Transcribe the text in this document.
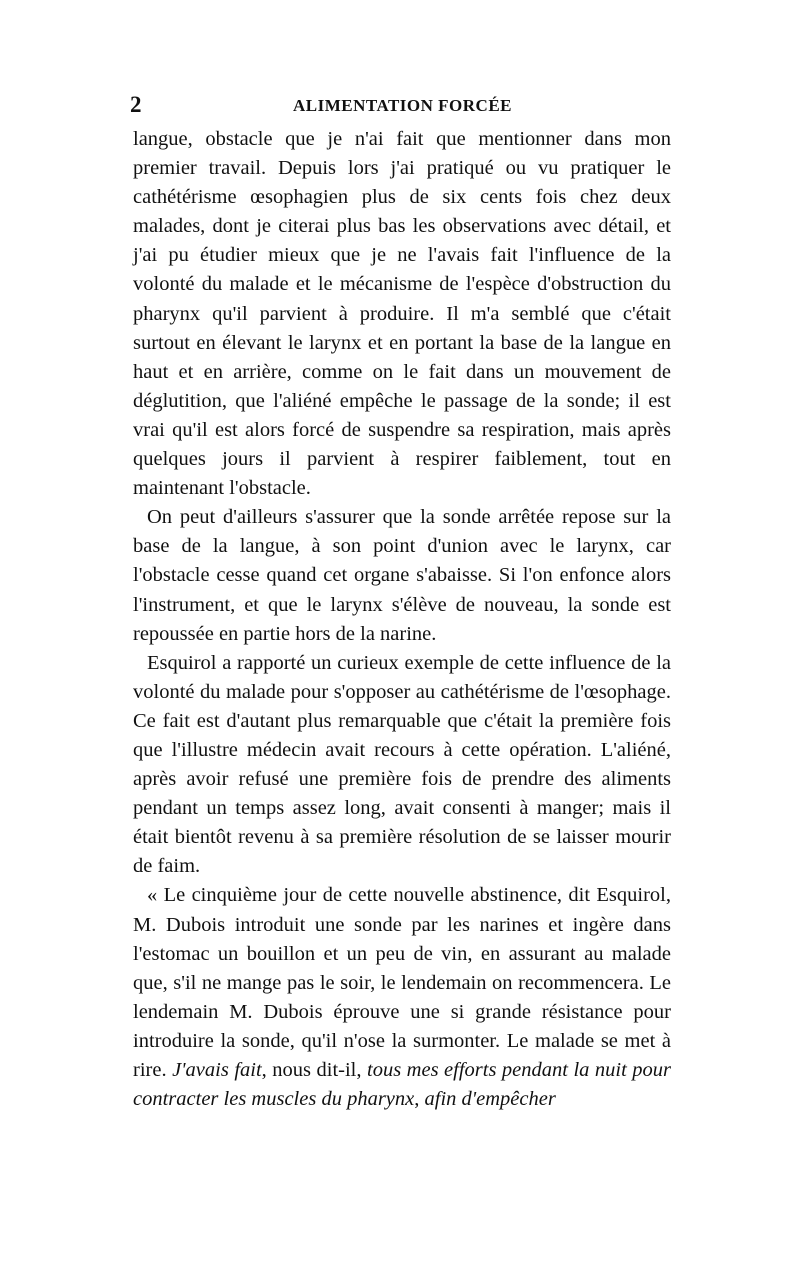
2	ALIMENTATION FORCÉE

langue, obstacle que je n'ai fait que mentionner dans mon premier travail. Depuis lors j'ai pratiqué ou vu pratiquer le cathétérisme œsophagien plus de six cents fois chez deux malades, dont je citerai plus bas les observations avec détail, et j'ai pu étudier mieux que je ne l'avais fait l'influence de la volonté du malade et le mécanisme de l'espèce d'obstruction du pharynx qu'il parvient à produire. Il m'a semblé que c'était surtout en élevant le larynx et en portant la base de la langue en haut et en arrière, comme on le fait dans un mouvement de déglutition, que l'aliéné empêche le passage de la sonde; il est vrai qu'il est alors forcé de suspendre sa respiration, mais après quelques jours il parvient à respirer faiblement, tout en maintenant l'obstacle.

On peut d'ailleurs s'assurer que la sonde arrêtée repose sur la base de la langue, à son point d'union avec le larynx, car l'obstacle cesse quand cet organe s'abaisse. Si l'on enfonce alors l'instrument, et que le larynx s'élève de nouveau, la sonde est repoussée en partie hors de la narine.

Esquirol a rapporté un curieux exemple de cette influence de la volonté du malade pour s'opposer au cathétérisme de l'œsophage. Ce fait est d'autant plus remarquable que c'était la première fois que l'illustre médecin avait recours à cette opération. L'aliéné, après avoir refusé une première fois de prendre des aliments pendant un temps assez long, avait consenti à manger; mais il était bientôt revenu à sa première résolution de se laisser mourir de faim.

« Le cinquième jour de cette nouvelle abstinence, dit Esquirol, M. Dubois introduit une sonde par les narines et ingère dans l'estomac un bouillon et un peu de vin, en assurant au malade que, s'il ne mange pas le soir, le lendemain on recommencera. Le lendemain M. Dubois éprouve une si grande résistance pour introduire la sonde, qu'il n'ose la surmonter. Le malade se met à rire. J'avais fait, nous dit-il, tous mes efforts pendant la nuit pour contracter les muscles du pharynx, afin d'empêcher
